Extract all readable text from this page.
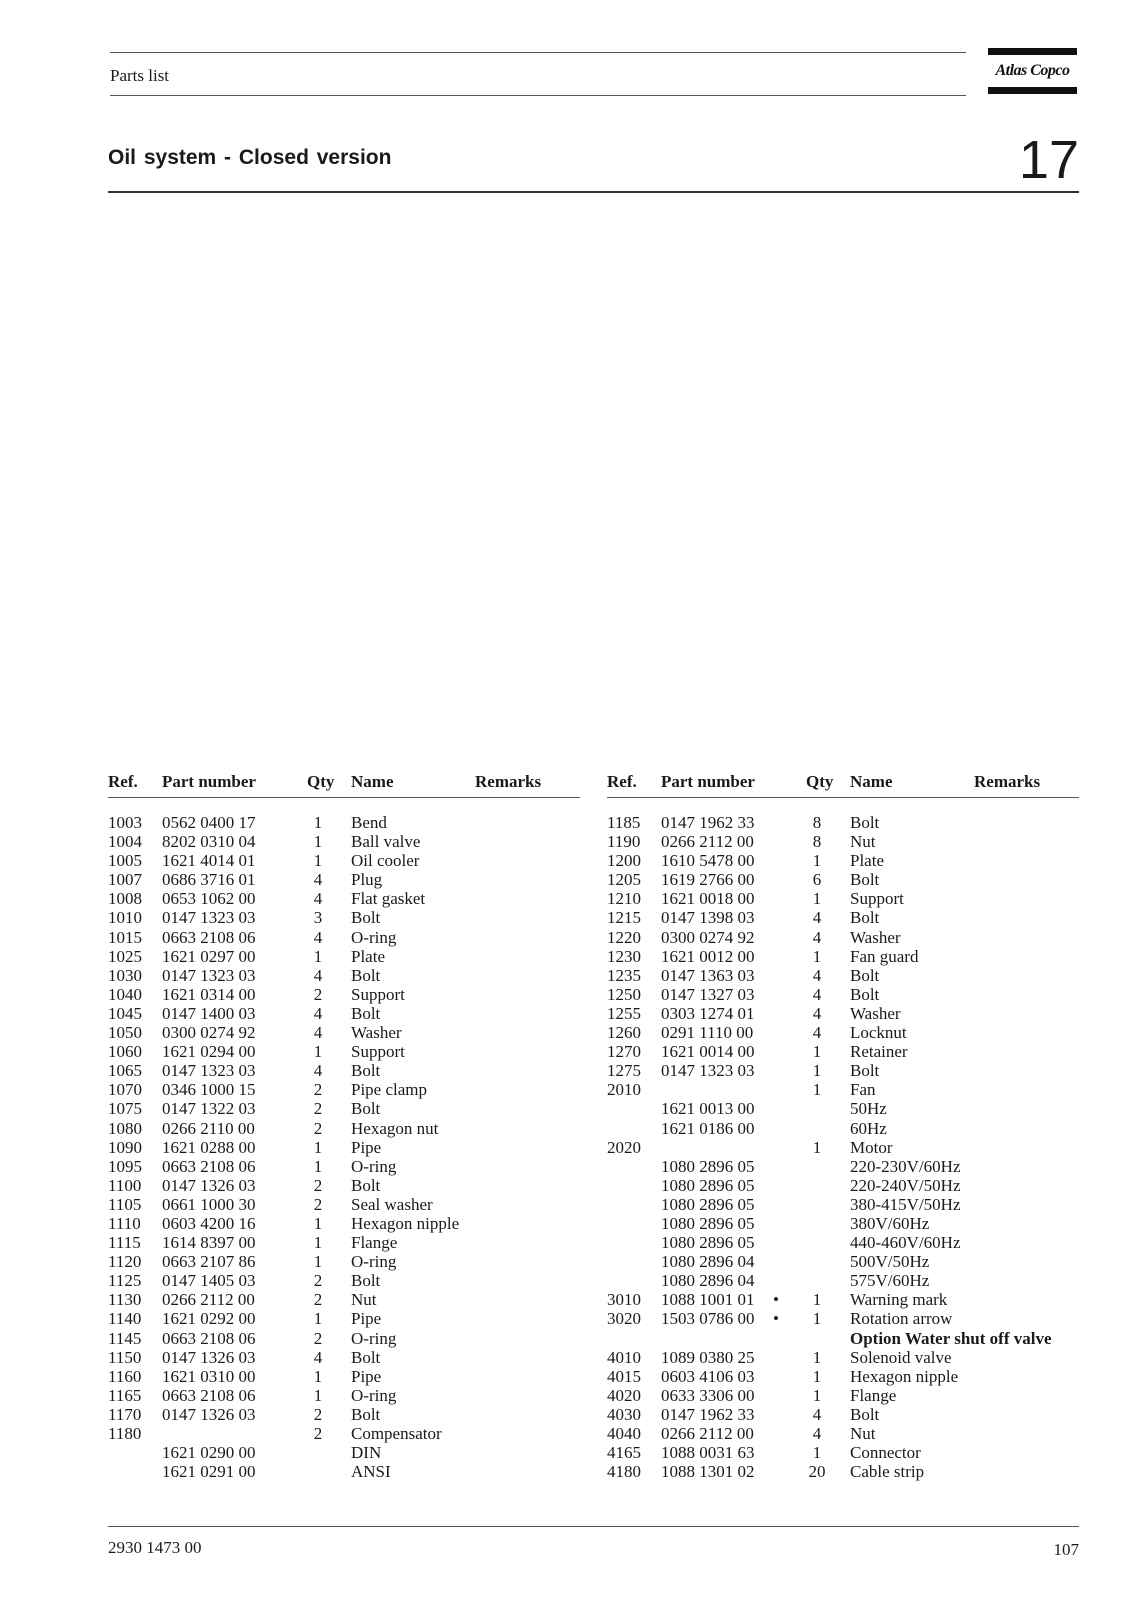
Parts list	Atlas Copco
Oil system - Closed version	17
Ref. Part number	Qty Name	Remarks
1003 0562 0400 17	1	Bend
1004 8202 0310 04	1	Ball valve
1005 1621 4014 01	1	Oil cooler
1007 0686 3716 01	4	Plug
1008 0653 1062 00	4	Flat gasket
1010 0147 1323 03	3	Bolt
1015 0663 2108 06	4	O-ring
1025 1621 0297 00	1	Plate
1030 0147 1323 03	4	Bolt
1040 1621 0314 00	2	Support
1045 0147 1400 03	4	Bolt
1050 0300 0274 92	4	Washer
1060 1621 0294 00	1	Support
1065 0147 1323 03	4	Bolt
1070 0346 1000 15	2	Pipe clamp
1075 0147 1322 03	2	Bolt
1080 0266 2110 00	2	Hexagon nut
1090 1621 0288 00	1	Pipe
1095 0663 2108 06	1	O-ring
1100 0147 1326 03	2	Bolt
1105 0661 1000 30	2	Seal washer
1110 0603 4200 16	1	Hexagon nipple
1115 1614 8397 00	1	Flange
1120 0663 2107 86	1	O-ring
1125 0147 1405 03	2	Bolt
1130 0266 2112 00	2	Nut
1140 1621 0292 00	1	Pipe
1145 0663 2108 06	2	O-ring
1150 0147 1326 03	4	Bolt
1160 1621 0310 00	1	Pipe
1165 0663 2108 06	1	O-ring
1170 0147 1326 03	2	Bolt
1180	2	Compensator
1621 0290 00	DIN
1621 0291 00	ANSI
Ref. Part number	Qty Name	Remarks
1185 0147 1962 33	8	Bolt
1190 0266 2112 00	8	Nut
1200 1610 5478 00	1	Plate
1205 1619 2766 00	6	Bolt
1210 1621 0018 00	1	Support
1215 0147 1398 03	4	Bolt
1220 0300 0274 92	4	Washer
1230 1621 0012 00	1	Fan guard
1235 0147 1363 03	4	Bolt
1250 0147 1327 03	4	Bolt
1255 0303 1274 01	4	Washer
1260 0291 1110 00	4	Locknut
1270 1621 0014 00	1	Retainer
1275 0147 1323 03	1	Bolt
2010	1	Fan
1621 0013 00	50Hz
1621 0186 00	60Hz
2020	1	Motor
1080 2896 05	220-230V/60Hz
1080 2896 05	220-240V/50Hz
1080 2896 05	380-415V/50Hz
1080 2896 05	380V/60Hz
1080 2896 05	440-460V/60Hz
1080 2896 04	500V/50Hz
1080 2896 04	575V/60Hz
3010 1088 1001 01 •	1	Warning mark
3020 1503 0786 00 •	1	Rotation arrow
Option Water shut off valve
4010 1089 0380 25	1	Solenoid valve
4015 0603 4106 03	1	Hexagon nipple
4020 0633 3306 00	1	Flange
4030 0147 1962 33	4	Bolt
4040 0266 2112 00	4	Nut
4165 1088 0031 63	1	Connector
4180 1088 1301 02	20 Cable strip
2930 1473 00	107
